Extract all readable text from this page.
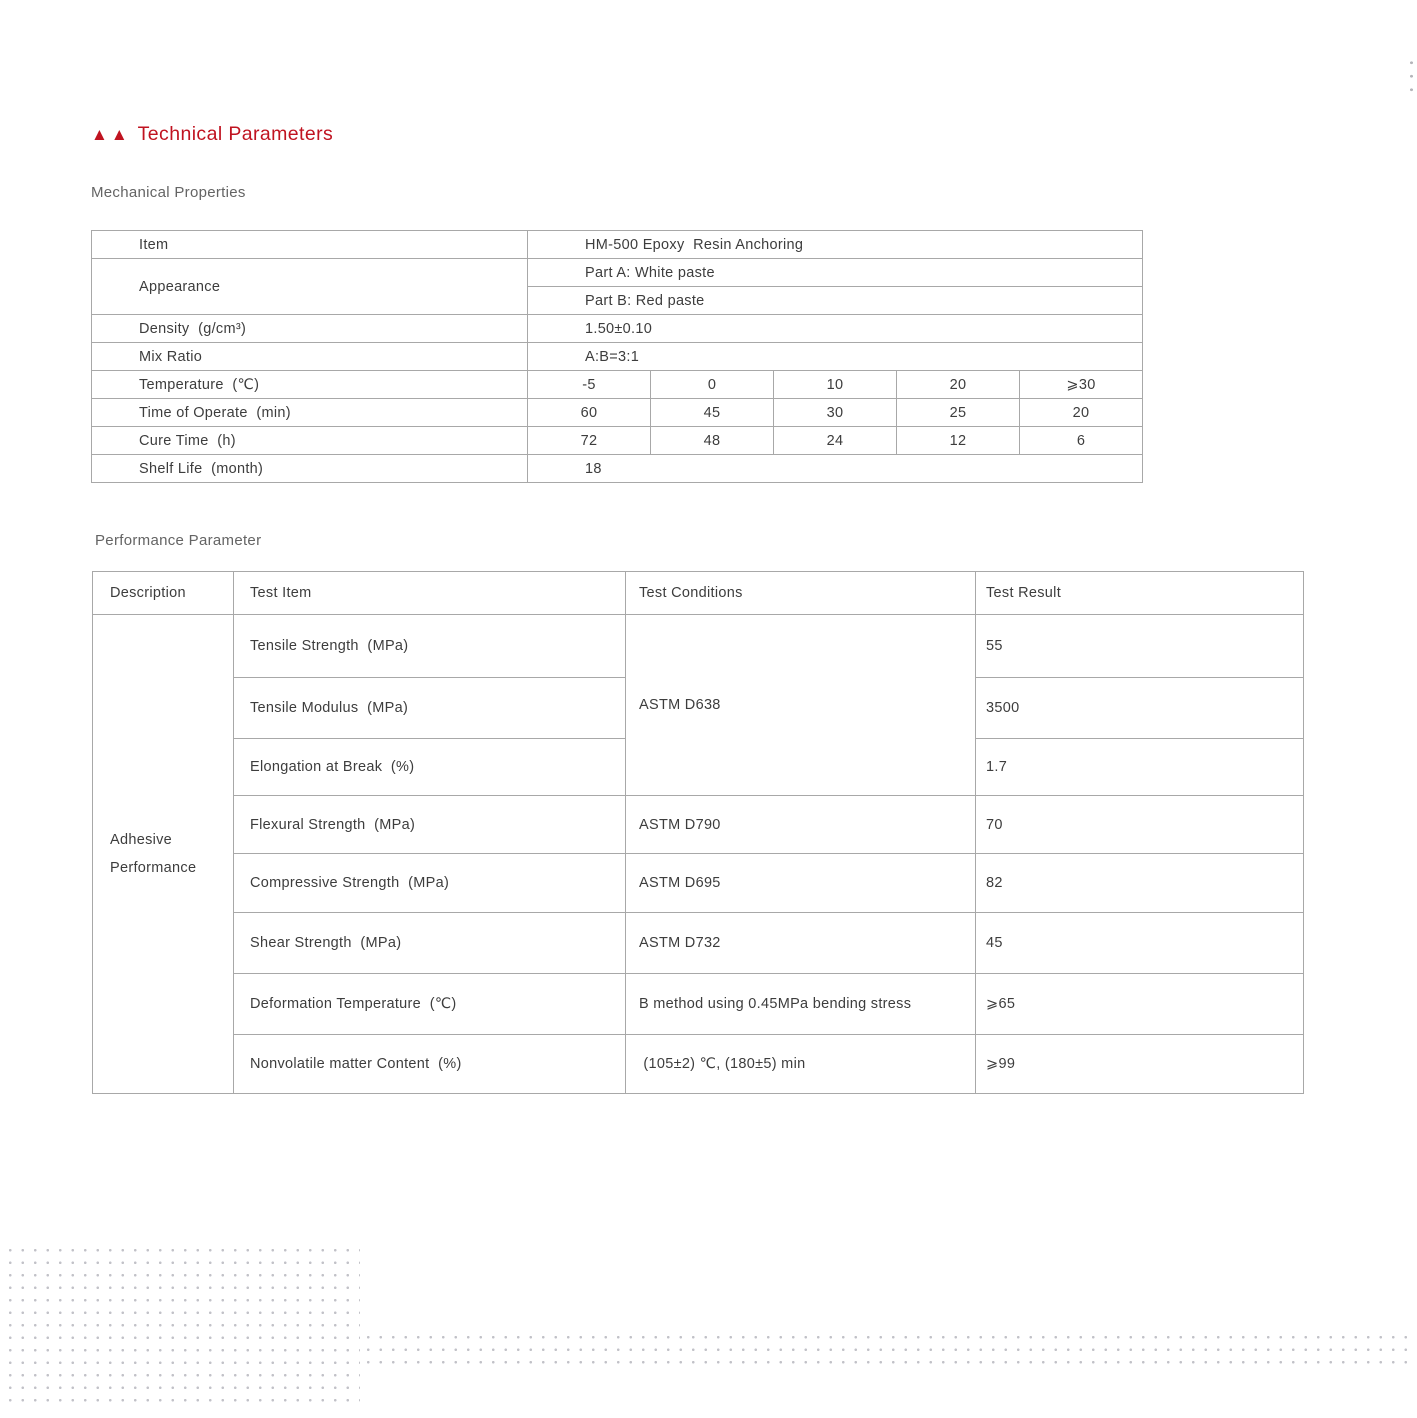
▲▲ Technical Parameters
Mechanical Properties
Item	HM-500 Epoxy  Resin Anchoring				
Appearance	Part A: White paste				
	Part B: Red paste				
Density  (g/cm³)	1.50±0.10				
Mix Ratio	A:B=3:1				
Temperature  (℃)	-5	0	10	20	⩾30
Time of Operate  (min)	60	45	30	25	20
Cure Time  (h)	72	48	24	12	6
Shelf Life  (month)	18				
Performance Parameter
Description	Test Item	Test Conditions	Test Result
Adhesive Performance	Tensile Strength  (MPa)	ASTM D638	55
	Tensile Modulus  (MPa)		3500
	Elongation at Break  (%)		1.7
	Flexural Strength  (MPa)	ASTM D790	70
	Compressive Strength  (MPa)	ASTM D695	82
	Shear Strength  (MPa)	ASTM D732	45
	Deformation Temperature  (℃)	B method using 0.45MPa bending stress	⩾65
	Nonvolatile matter Content  (%)	(105±2) ℃, (180±5) min	⩾99
